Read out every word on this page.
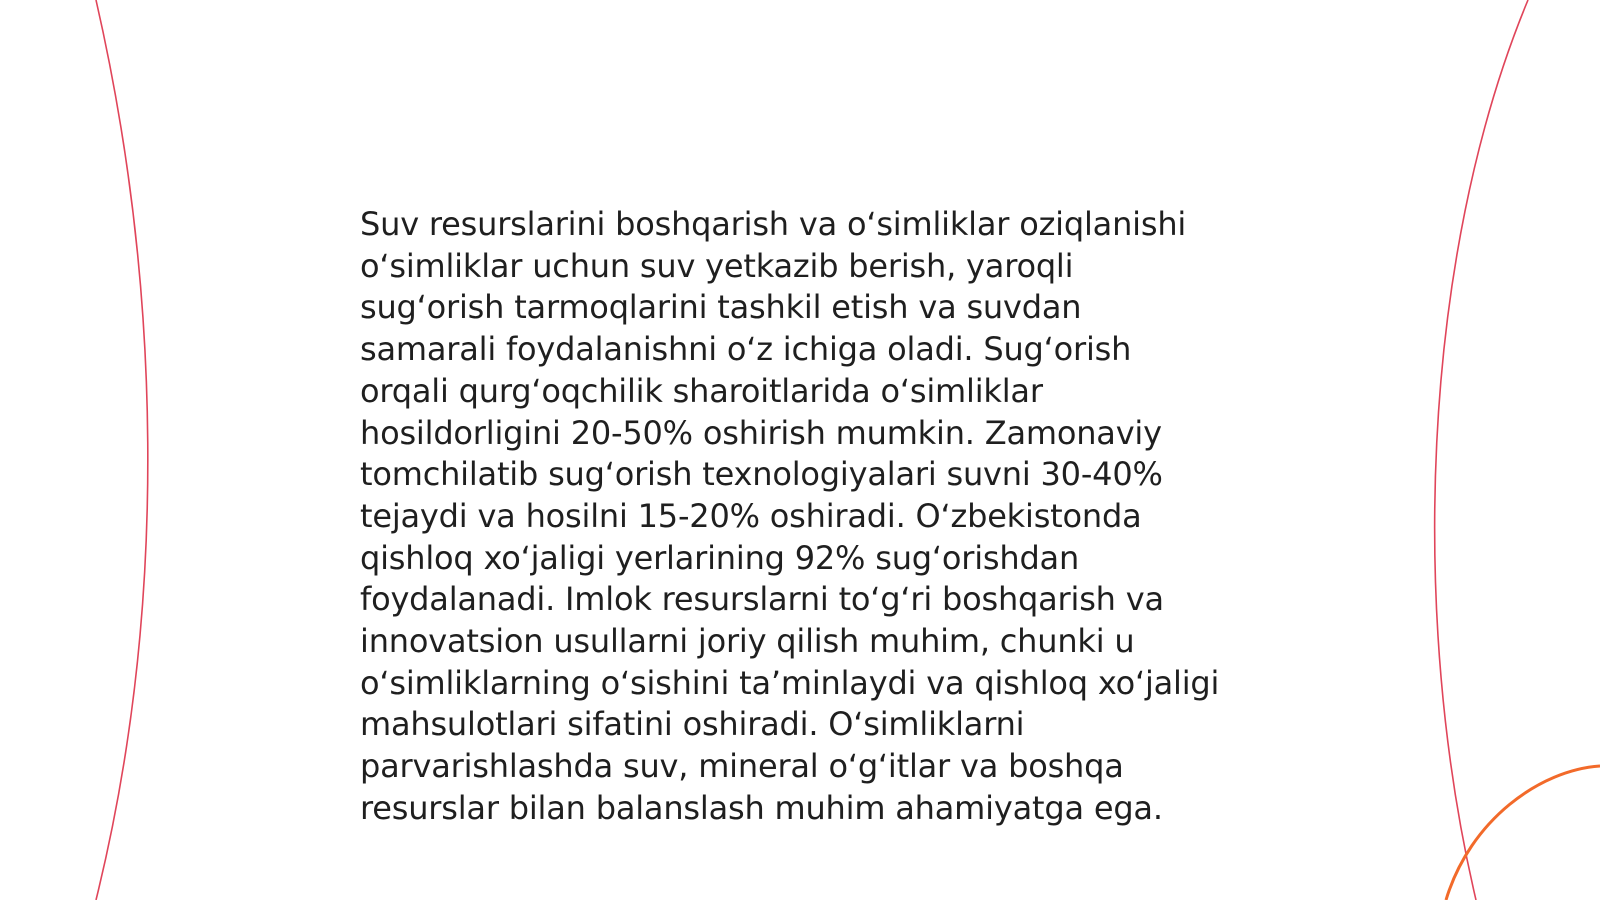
Suv resurslarini boshqarish va oʻsimliklar oziqlanishi
oʻsimliklar uchun suv yetkazib berish, yaroqli
sugʻorish tarmoqlarini tashkil etish va suvdan
samarali foydalanishni oʻz ichiga oladi. Sugʻorish
orqali qurgʻoqchilik sharoitlarida oʻsimliklar
hosildorligini 20-50% oshirish mumkin. Zamonaviy
tomchilatib sugʻorish texnologiyalari suvni 30-40%
tejaydi va hosilni 15-20% oshiradi. Oʻzbekistonda
qishloq xoʻjaligi yerlarining 92% sugʻorishdan
foydalanadi. Imlok resurslarni toʻgʻri boshqarish va
innovatsion usullarni joriy qilish muhim, chunki u
oʻsimliklarning oʻsishini taʼminlaydi va qishloq xoʻjaligi
mahsulotlari sifatini oshiradi. Oʻsimliklarni
parvarishlashda suv, mineral oʻgʻitlar va boshqa
resurslar bilan balanslash muhim ahamiyatga ega.
